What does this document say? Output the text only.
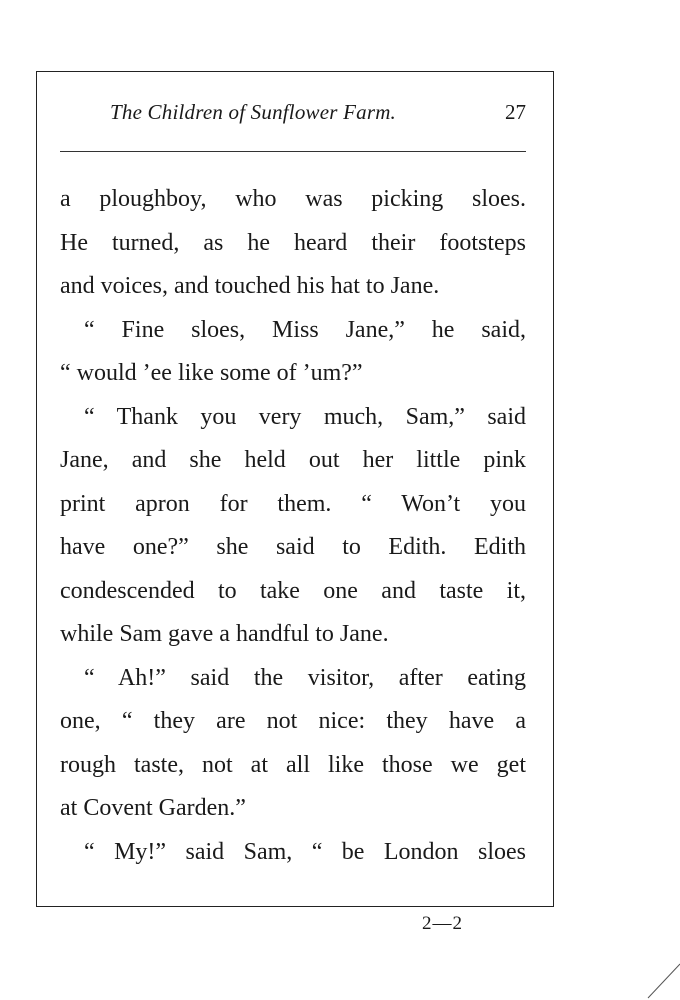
The Children of Sunflower Farm.	27
a ploughboy, who was picking sloes.
He turned, as he heard their footsteps
and voices, and touched his hat to Jane.
“ Fine sloes, Miss Jane,” he said,
“ would ’ee like some of ’um?”
“ Thank you very much, Sam,” said
Jane, and she held out her little pink
print apron for them. “ Won’t you
have one?” she said to Edith. Edith
condescended to take one and taste it,
while Sam gave a handful to Jane.
“ Ah!” said the visitor, after eating
one, “ they are not nice: they have a
rough taste, not at all like those we get
at Covent Garden.”
“ My!” said Sam, “ be London sloes
2—2
